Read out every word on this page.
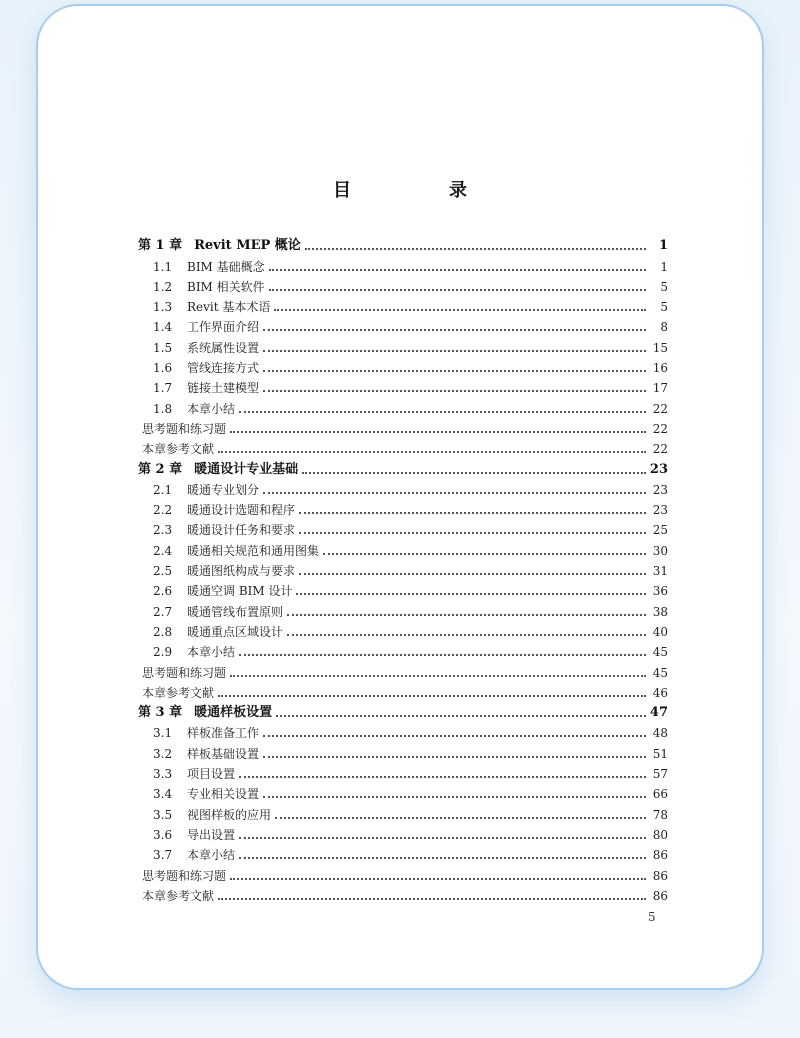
目　录
第 1 章 Revit MEP 概论	1
1.1	BIM 基础概念	1
1.2	BIM 相关软件	5
1.3	Revit 基本术语	5
1.4	工作界面介绍	8
1.5	系统属性设置	15
1.6	管线连接方式	16
1.7	链接土建模型	17
1.8	本章小结	22
思考题和练习题	22
本章参考文献	22
第 2 章 暖通设计专业基础	23
2.1	暖通专业划分	23
2.2	暖通设计选题和程序	23
2.3	暖通设计任务和要求	25
2.4	暖通相关规范和通用图集	30
2.5	暖通图纸构成与要求	31
2.6	暖通空调 BIM 设计	36
2.7	暖通管线布置原则	38
2.8	暖通重点区域设计	40
2.9	本章小结	45
思考题和练习题	45
本章参考文献	46
第 3 章 暖通样板设置	47
3.1	样板准备工作	48
3.2	样板基础设置	51
3.3	项目设置	57
3.4	专业相关设置	66
3.5	视图样板的应用	78
3.6	导出设置	80
3.7	本章小结	86
思考题和练习题	86
本章参考文献	86
5
